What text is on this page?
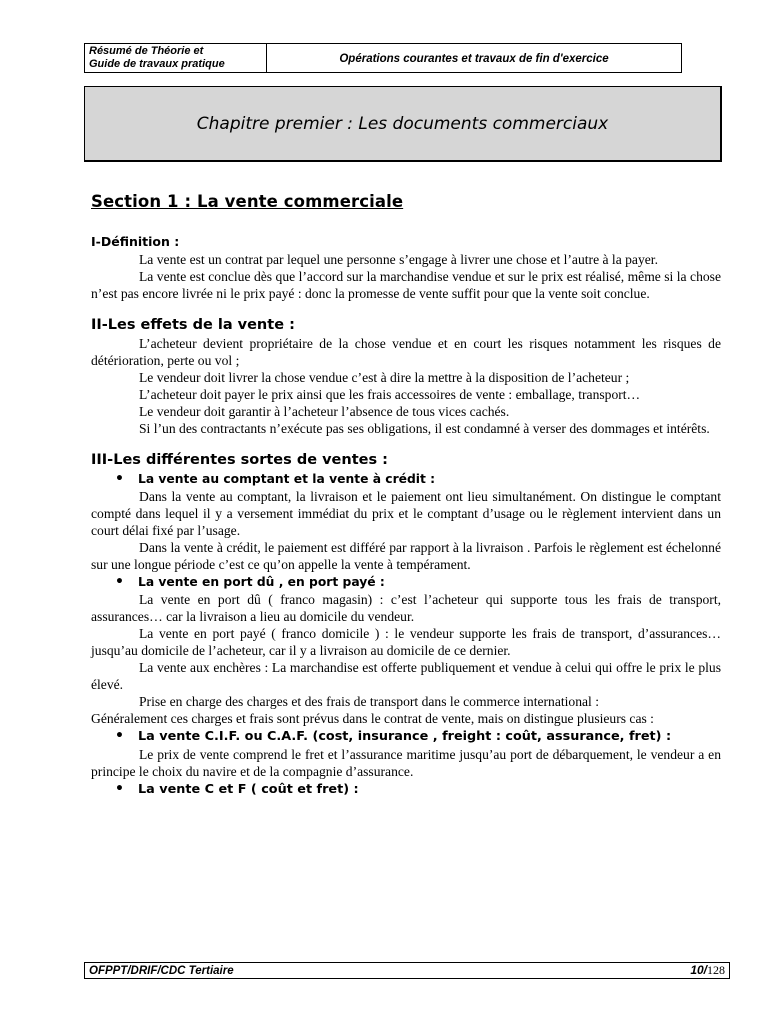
Résumé de Théorie et
Guide de travaux pratique	Opérations courantes et travaux de fin d'exercice
Chapitre premier : Les documents commerciaux
Section 1 : La vente commerciale
I-Définition :

La vente est un contrat par lequel une personne s’engage à livrer une chose et l’autre à la payer.

La vente est conclue dès que l’accord sur la marchandise vendue et sur le prix est réalisé, même si la chose n’est pas encore livrée ni le prix payé : donc la promesse de vente suffit pour que la vente soit conclue.

II-Les effets de la vente :

L’acheteur devient propriétaire de la chose vendue et en court les risques notamment les risques de détérioration, perte ou vol ;

Le vendeur doit livrer la chose vendue c’est à dire la mettre à la disposition de l’acheteur ;

L’acheteur doit payer le prix ainsi que les frais accessoires de vente : emballage, transport…

Le vendeur doit garantir à l’acheteur l’absence de tous vices cachés.

Si l’un des contractants n’exécute pas ses obligations, il est condamné à verser des dommages et intérêts.

III-Les différentes sortes de ventes :
•	La vente au comptant et la vente à crédit :

Dans la vente au comptant, la livraison et le paiement ont lieu simultanément. On distingue le comptant compté dans lequel il y a versement immédiat du prix et le comptant d’usage ou le règlement intervient dans un court délai fixé par l’usage.

Dans la vente à crédit, le paiement est différé par rapport à la livraison . Parfois le règlement est échelonné sur une longue période c’est ce qu’on appelle la vente à tempérament.

•	La vente en port dû , en port payé :

La vente en port dû ( franco magasin) : c’est l’acheteur qui supporte tous les frais de transport, assurances… car la livraison a lieu au domicile du vendeur.

La vente en port payé ( franco domicile ) : le vendeur supporte les frais de transport, d’assurances… jusqu’au domicile de l’acheteur, car il y a livraison au domicile de ce dernier.

La vente aux enchères : La marchandise est offerte publiquement et vendue à celui qui offre le prix le plus élevé.

Prise en charge des charges et des frais de transport dans le commerce international :

Généralement ces charges et frais sont prévus dans le contrat de vente, mais on distingue plusieurs cas :

•	La vente C.I.F. ou C.A.F. (cost, insurance , freight : coût, assurance, fret) :

Le prix de vente comprend le fret et l’assurance maritime jusqu’au port de débarquement, le vendeur a en principe le choix du navire et de la compagnie d’assurance.

•	La vente C et F ( coût et fret) :
OFPPT/DRIF/CDC Tertiaire	10/128
